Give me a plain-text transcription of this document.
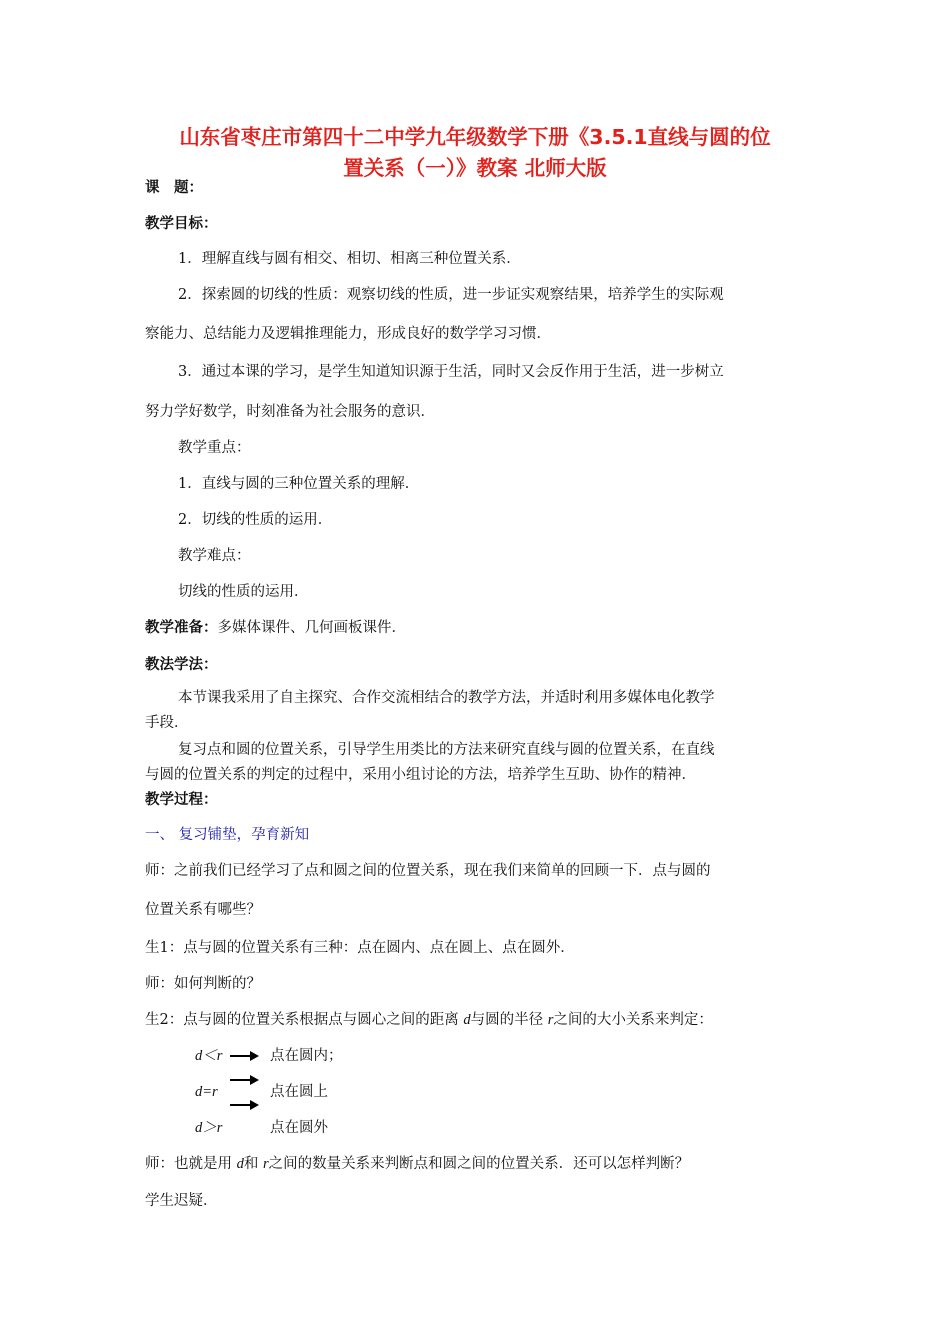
山东省枣庄市第四十二中学九年级数学下册《3.5.1直线与圆的位
置关系（一）》教案 北师大版
课　题：
教学目标：
1．理解直线与圆有相交、相切、相离三种位置关系．
2．探索圆的切线的性质：观察切线的性质，进一步证实观察结果，培养学生的实际观
察能力、总结能力及逻辑推理能力，形成良好的数学学习习惯．
3．通过本课的学习，是学生知道知识源于生活，同时又会反作用于生活，进一步树立
努力学好数学，时刻准备为社会服务的意识．
教学重点：
1．直线与圆的三种位置关系的理解．
2．切线的性质的运用．
教学难点：
切线的性质的运用．
教学准备：多媒体课件、几何画板课件．
教法学法：
本节课我采用了自主探究、合作交流相结合的教学方法，并适时利用多媒体电化教学
手段．
复习点和圆的位置关系，引导学生用类比的方法来研究直线与圆的位置关系，在直线
与圆的位置关系的判定的过程中，采用小组讨论的方法，培养学生互助、协作的精神．
教学过程：
一、 复习铺垫，孕育新知
师：之前我们已经学习了点和圆之间的位置关系，现在我们来简单的回顾一下．点与圆的
位置关系有哪些？
生1：点与圆的位置关系有三种：点在圆内、点在圆上、点在圆外．
师：如何判断的？
生2：点与圆的位置关系根据点与圆心之间的距离 d与圆的半径 r之间的大小关系来判定：
d＜r	点在圆内；
d=r	点在圆上
d＞r	点在圆外
师：也就是用 d和 r之间的数量关系来判断点和圆之间的位置关系．还可以怎样判断？
学生迟疑．
